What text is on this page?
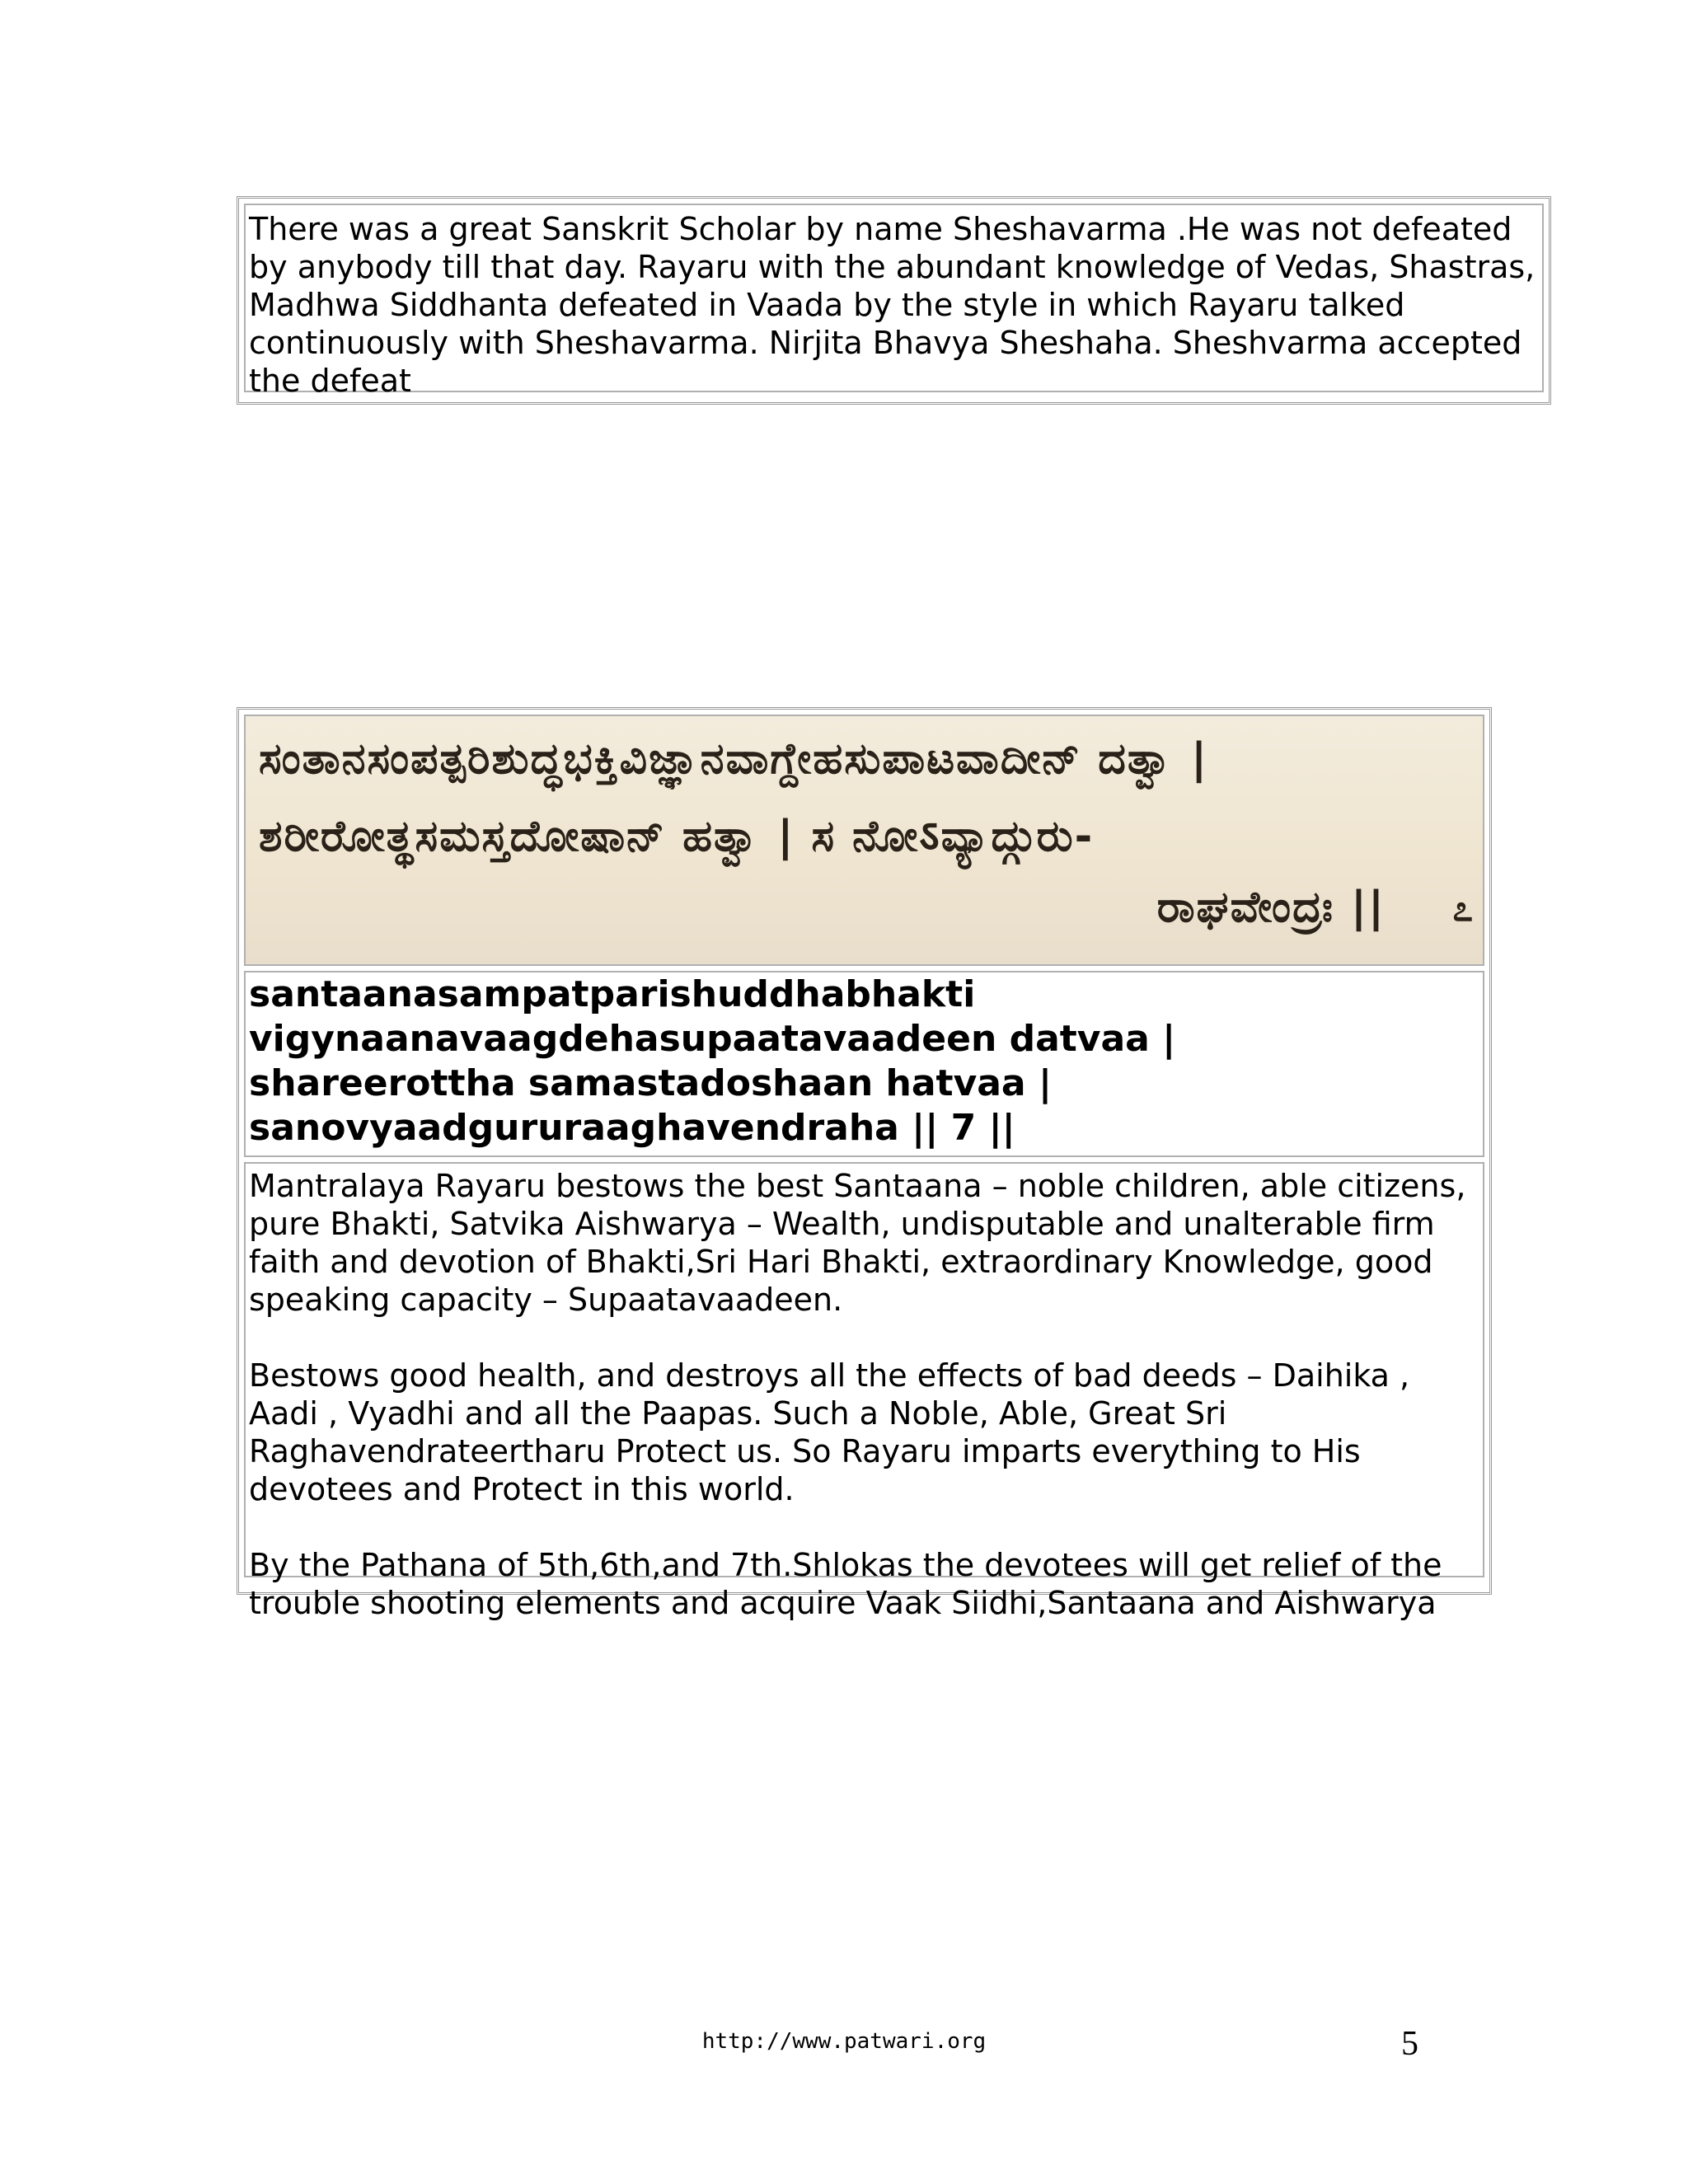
There was a great Sanskrit Scholar by name Sheshavarma .He was not defeated by anybody till that day. Rayaru with the abundant knowledge of Vedas, Shastras, Madhwa Siddhanta defeated in Vaada by the style in which Rayaru talked continuously with Sheshavarma. Nirjita Bhavya Sheshaha. Sheshvarma accepted the defeat
ಸಂತಾನಸಂಪತ್ಪರಿಶುದ್ಧಭಕ್ತಿವಿಜ್ಞಾನವಾಗ್ದೇಹಸುಪಾಟವಾದೀನ್ ದತ್ವಾ |
ಶರೀರೋತ್ಥಸಮಸ್ತದೋಷಾನ್ ಹತ್ವಾ | ಸ ನೋऽವ್ಯಾದ್ಗುರು-
ರಾಘವೇಂದ್ರಃ || ೭
santaanasampatparishuddhabhakti
vigynaanavaagdehasupaatavaadeen datvaa |
shareerottha samastadoshaan hatvaa |
sanovyaadgururaaghavendraha || 7 ||

Mantralaya Rayaru bestows the best Santaana – noble children, able citizens, pure Bhakti, Satvika Aishwarya – Wealth, undisputable and unalterable firm faith and devotion of Bhakti,Sri Hari Bhakti, extraordinary Knowledge, good speaking capacity – Supaatavaadeen.

Bestows good health, and destroys all the effects of bad deeds – Daihika , Aadi , Vyadhi and all the Paapas. Such a Noble, Able, Great Sri Raghavendrateertharu Protect us. So Rayaru imparts everything to His devotees and Protect in this world.

By the Pathana of 5th,6th,and 7th.Shlokas the devotees will get relief of the trouble shooting elements and acquire Vaak Siidhi,Santaana and Aishwarya

http://www.patwari.org	5
